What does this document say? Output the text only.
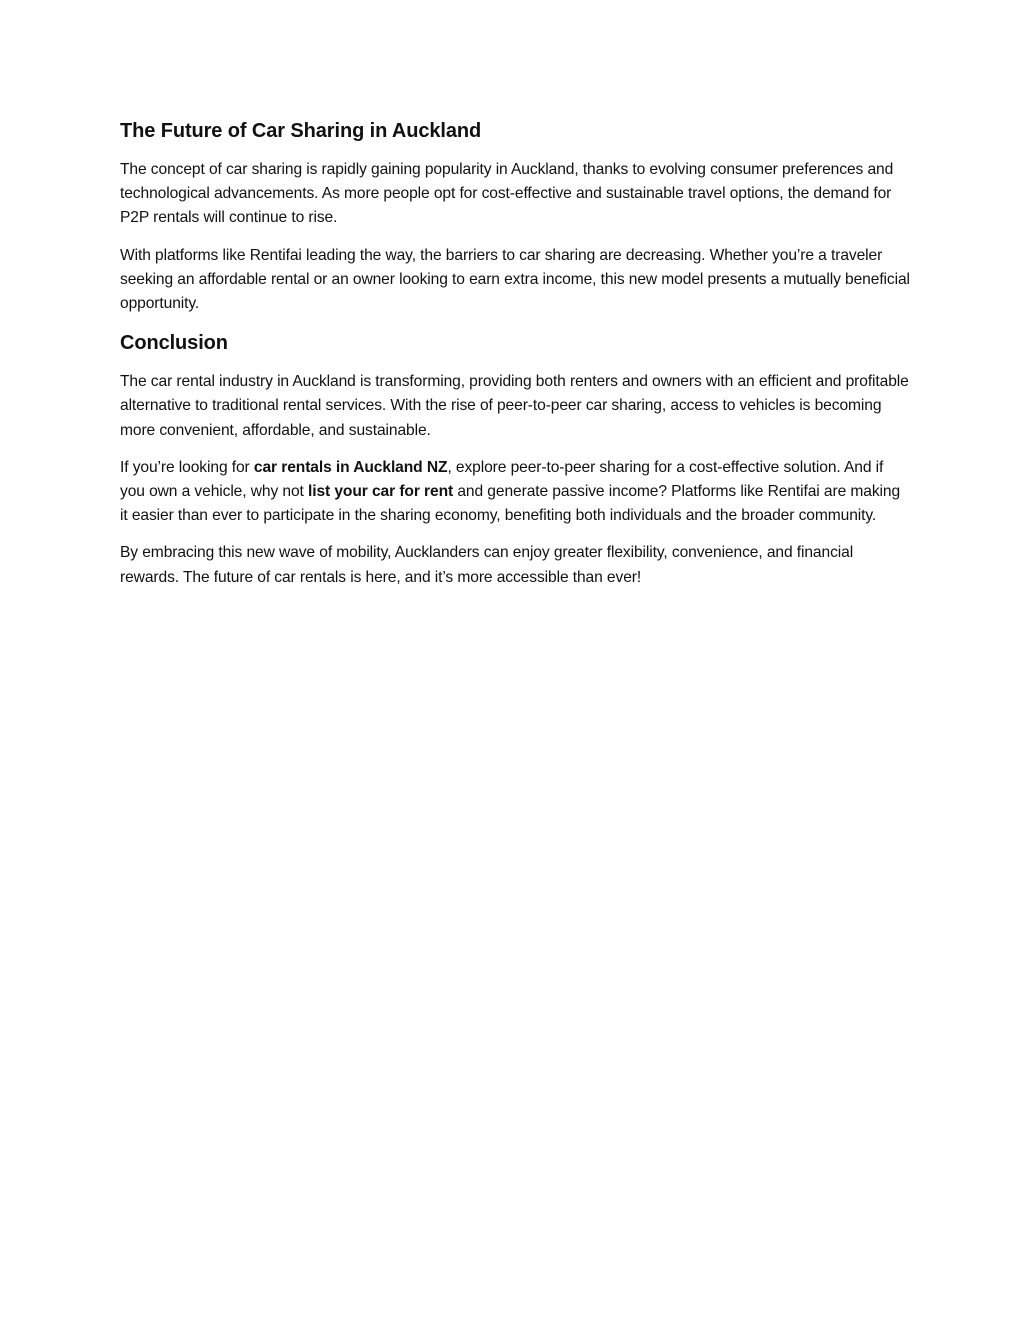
The Future of Car Sharing in Auckland

The concept of car sharing is rapidly gaining popularity in Auckland, thanks to evolving consumer preferences and technological advancements. As more people opt for cost-effective and sustainable travel options, the demand for P2P rentals will continue to rise.

With platforms like Rentifai leading the way, the barriers to car sharing are decreasing. Whether you’re a traveler seeking an affordable rental or an owner looking to earn extra income, this new model presents a mutually beneficial opportunity.

Conclusion

The car rental industry in Auckland is transforming, providing both renters and owners with an efficient and profitable alternative to traditional rental services. With the rise of peer-to-peer car sharing, access to vehicles is becoming more convenient, affordable, and sustainable.

If you’re looking for car rentals in Auckland NZ, explore peer-to-peer sharing for a cost-effective solution. And if you own a vehicle, why not list your car for rent and generate passive income? Platforms like Rentifai are making it easier than ever to participate in the sharing economy, benefiting both individuals and the broader community.

By embracing this new wave of mobility, Aucklanders can enjoy greater flexibility, convenience, and financial rewards. The future of car rentals is here, and it’s more accessible than ever!
